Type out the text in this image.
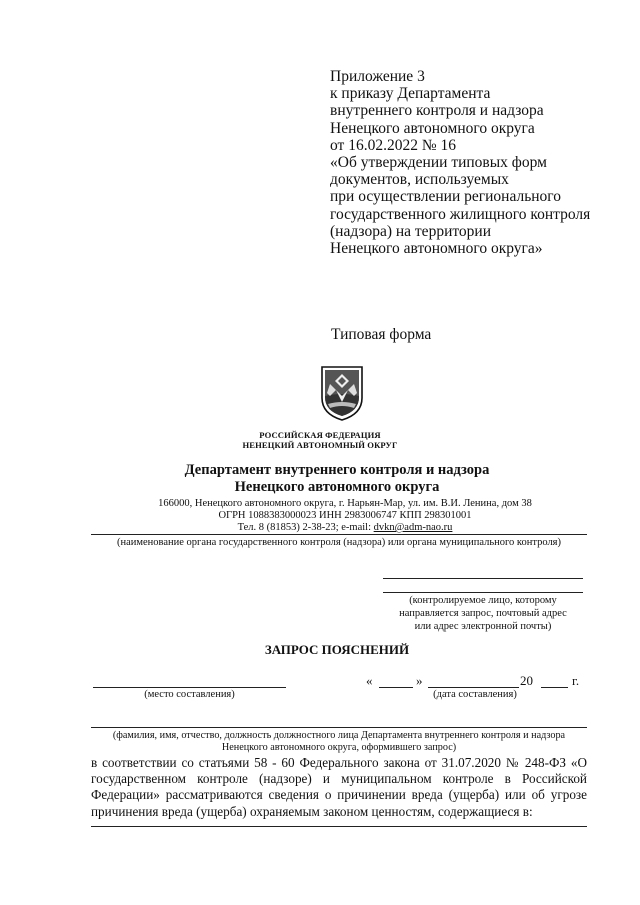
Приложение 3
к приказу Департамента
внутреннего контроля и надзора
Ненецкого автономного округа
от 16.02.2022 № 16
«Об утверждении типовых форм
документов, используемых
при осуществлении регионального
государственного жилищного контроля
(надзора) на территории
Ненецкого автономного округа»
Типовая форма
РОССИЙСКАЯ ФЕДЕРАЦИЯ
НЕНЕЦКИЙ АВТОНОМНЫЙ ОКРУГ
Департамент внутреннего контроля и надзора
Ненецкого автономного округа
166000, Ненецкого автономного округа, г. Нарьян-Мар, ул. им. В.И. Ленина, дом 38
ОГРН 1088383000023 ИНН 2983006747 КПП 298301001
Тел. 8 (81853) 2-38-23; e-mail: dvkn@adm-nao.ru
(наименование органа государственного контроля (надзора) или органа муниципального контроля)
(контролируемое лицо, которому
направляется запрос, почтовый адрес
или адрес электронной почты)
ЗАПРОС ПОЯСНЕНИЙ
(место составления)
«	»	20	г.
(дата составления)
(фамилия, имя, отчество, должность должностного лица Департамента внутреннего контроля и надзора
Ненецкого автономного округа, оформившего запрос)
в соответствии со статьями 58 - 60 Федерального закона от 31.07.2020 № 248-ФЗ «О государственном контроле (надзоре) и муниципальном контроле в Российской Федерации» рассматриваются сведения о причинении вреда (ущерба) или об угрозе причинения вреда (ущерба) охраняемым законом ценностям, содержащиеся в:
